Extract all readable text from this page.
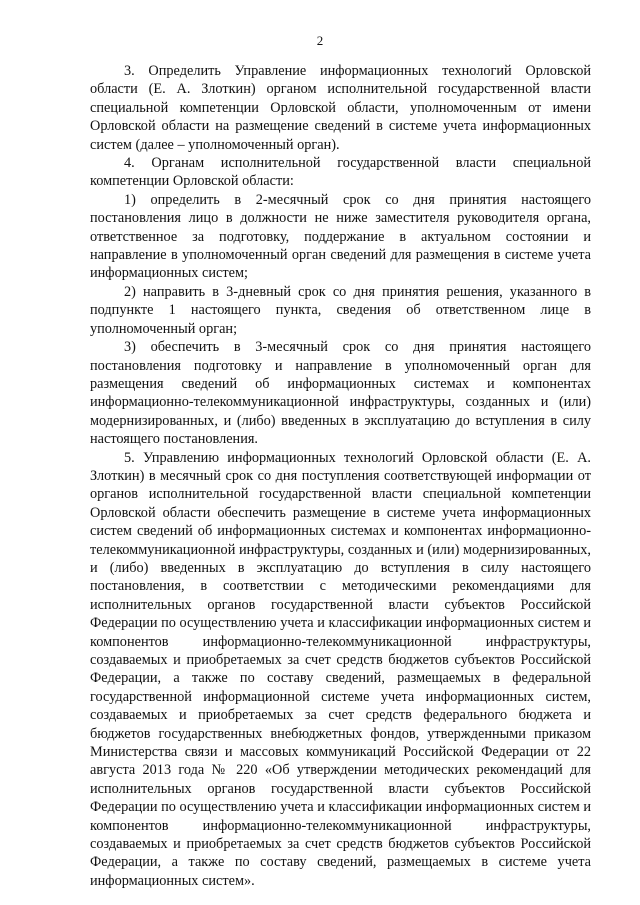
2

3. Определить Управление информационных технологий Орловской области (Е. А. Злоткин) органом исполнительной государственной власти специальной компетенции Орловской области, уполномоченным от имени Орловской области на размещение сведений в системе учета информационных систем (далее – уполномоченный орган).

4. Органам исполнительной государственной власти специальной компетенции Орловской области:

1) определить в 2-месячный срок со дня принятия настоящего постановления лицо в должности не ниже заместителя руководителя органа, ответственное за подготовку, поддержание в актуальном состоянии и направление в уполномоченный орган сведений для размещения в системе учета информационных систем;

2) направить в 3-дневный срок со дня принятия решения, указанного в подпункте 1 настоящего пункта, сведения об ответственном лице в уполномоченный орган;

3) обеспечить в 3-месячный срок со дня принятия настоящего постановления подготовку и направление в уполномоченный орган для размещения сведений об информационных системах и компонентах информационно-телекоммуникационной инфраструктуры, созданных и (или) модернизированных, и (либо) введенных в эксплуатацию до вступления в силу настоящего постановления.

5. Управлению информационных технологий Орловской области (Е. А. Злоткин) в месячный срок со дня поступления соответствующей информации от органов исполнительной государственной власти специальной компетенции Орловской области обеспечить размещение в системе учета информационных систем сведений об информационных системах и компонентах информационно-телекоммуникационной инфраструктуры, созданных и (или) модернизированных, и (либо) введенных в эксплуатацию до вступления в силу настоящего постановления, в соответствии с методическими рекомендациями для исполнительных органов государственной власти субъектов Российской Федерации по осуществлению учета и классификации информационных систем и компонентов информационно-телекоммуникационной инфраструктуры, создаваемых и приобретаемых за счет средств бюджетов субъектов Российской Федерации, а также по составу сведений, размещаемых в федеральной государственной информационной системе учета информационных систем, создаваемых и приобретаемых за счет средств федерального бюджета и бюджетов государственных внебюджетных фондов, утвержденными приказом Министерства связи и массовых коммуникаций Российской Федерации от 22 августа 2013 года № 220 «Об утверждении методических рекомендаций для исполнительных органов государственной власти субъектов Российской Федерации по осуществлению учета и классификации информационных систем и компонентов информационно-телекоммуникационной инфраструктуры, создаваемых и приобретаемых за счет средств бюджетов субъектов Российской Федерации, а также по составу сведений, размещаемых в системе учета информационных систем».
